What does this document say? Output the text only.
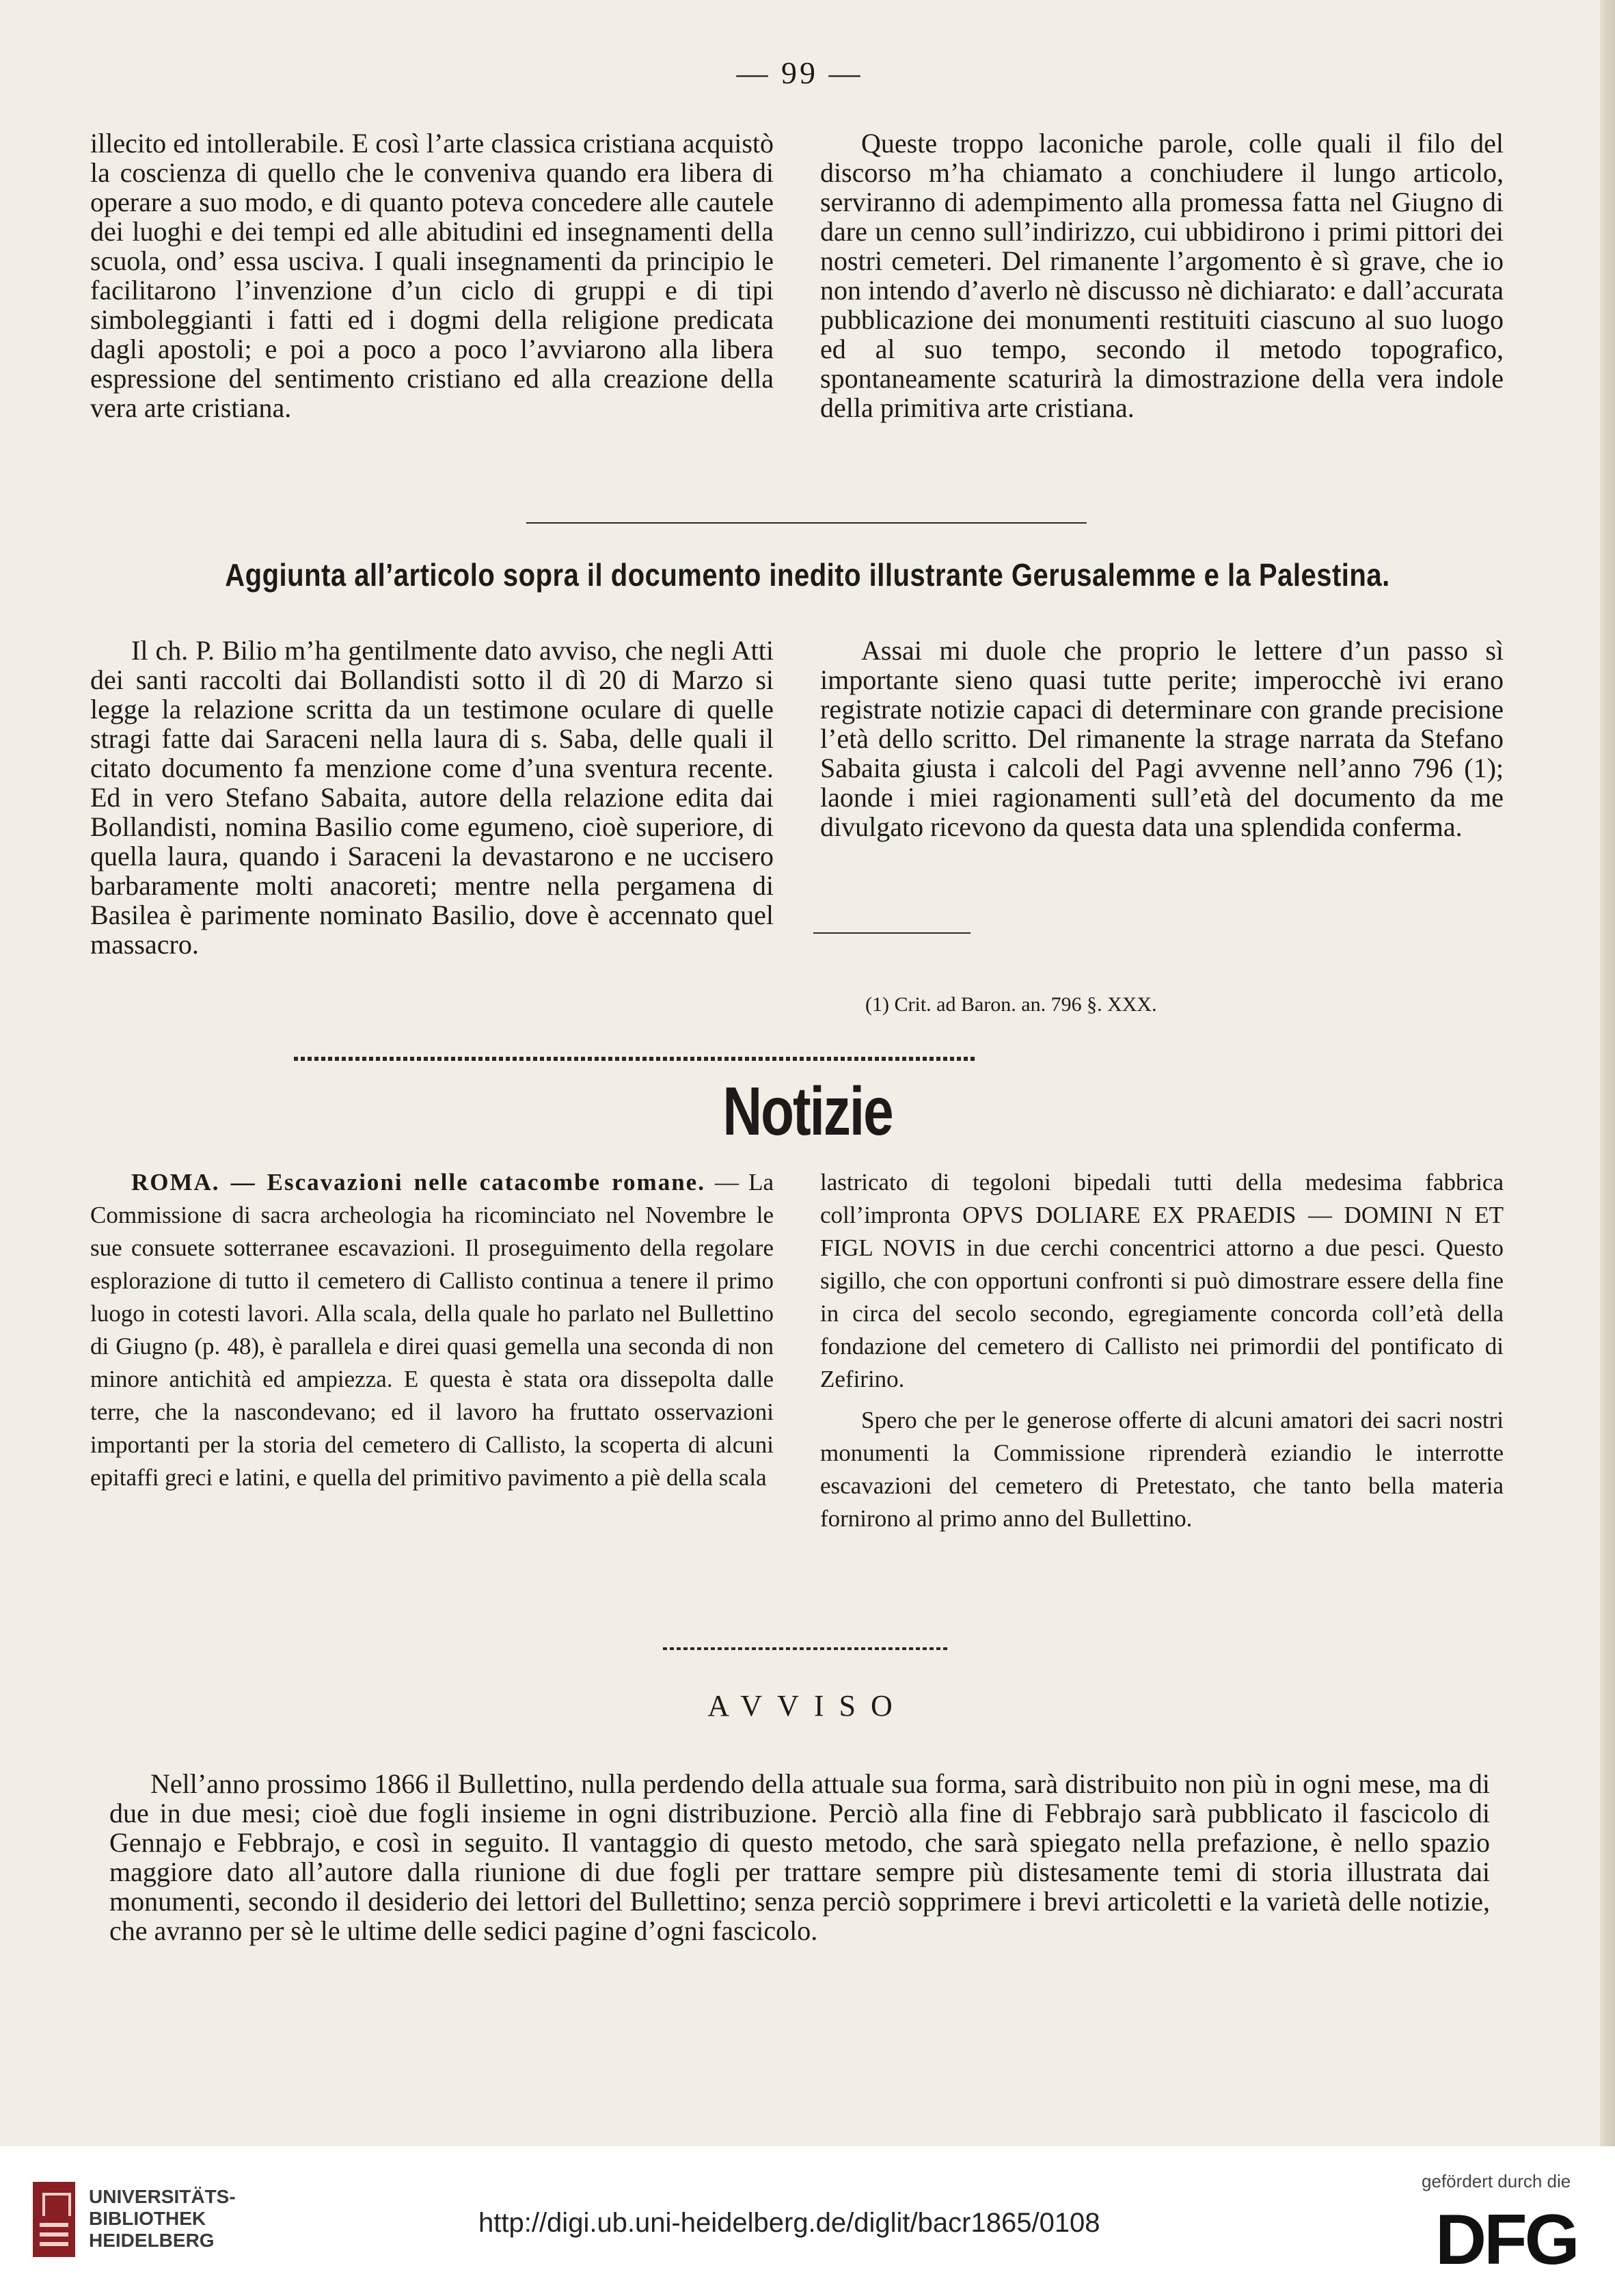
— 99 —

illecito ed intollerabile. E così l’arte classica cristiana acquistò la coscienza di quello che le conveniva quando era libera di operare a suo modo, e di quanto poteva concedere alle cautele dei luoghi e dei tempi ed alle abitudini ed insegnamenti della scuola, ond’ essa usciva. I quali insegnamenti da principio le facilitarono l’invenzione d’un ciclo di gruppi e di tipi simboleggianti i fatti ed i dogmi della religione predicata dagli apostoli; e poi a poco a poco l’avviarono alla libera espressione del sentimento cristiano ed alla creazione della vera arte cristiana.

Queste troppo laconiche parole, colle quali il filo del discorso m’ha chiamato a conchiudere il lungo articolo, serviranno di adempimento alla promessa fatta nel Giugno di dare un cenno sull’indirizzo, cui ubbidirono i primi pittori dei nostri cemeteri. Del rimanente l’argomento è sì grave, che io non intendo d’averlo nè discusso nè dichiarato: e dall’accurata pubblicazione dei monumenti restituiti ciascuno al suo luogo ed al suo tempo, secondo il metodo topografico, spontaneamente scaturirà la dimostrazione della vera indole della primitiva arte cristiana.

Aggiunta all’articolo sopra il documento inedito illustrante Gerusalemme e la Palestina.

Il ch. P. Bilio m’ha gentilmente dato avviso, che negli Atti dei santi raccolti dai Bollandisti sotto il dì 20 di Marzo si legge la relazione scritta da un testimone oculare di quelle stragi fatte dai Saraceni nella laura di s. Saba, delle quali il citato documento fa menzione come d’una sventura recente. Ed in vero Stefano Sabaita, autore della relazione edita dai Bollandisti, nomina Basilio come egumeno, cioè superiore, di quella laura, quando i Saraceni la devastarono e ne uccisero barbaramente molti anacoreti; mentre nella pergamena di Basilea è parimente nominato Basilio, dove è accennato quel massacro.

Assai mi duole che proprio le lettere d’un passo sì importante sieno quasi tutte perite; imperocchè ivi erano registrate notizie capaci di determinare con grande precisione l’età dello scritto. Del rimanente la strage narrata da Stefano Sabaita giusta i calcoli del Pagi avvenne nell’anno 796 (1); laonde i miei ragionamenti sull’età del documento da me divulgato ricevono da questa data una splendida conferma.

(1) Crit. ad Baron. an. 796 §. XXX.

Notizie

ROMA. — Escavazioni nelle catacombe romane. — La Commissione di sacra archeologia ha ricominciato nel Novembre le sue consuete sotterranee escavazioni. Il proseguimento della regolare esplorazione di tutto il cemetero di Callisto continua a tenere il primo luogo in cotesti lavori. Alla scala, della quale ho parlato nel Bullettino di Giugno (p. 48), è parallela e direi quasi gemella una seconda di non minore antichità ed ampiezza. E questa è stata ora dissepolta dalle terre, che la nascondevano; ed il lavoro ha fruttato osservazioni importanti per la storia del cemetero di Callisto, la scoperta di alcuni epitaffi greci e latini, e quella del primitivo pavimento a piè della scala

lastricato di tegoloni bipedali tutti della medesima fabbrica coll’impronta OPVS DOLIARE EX PRAEDIS — DOMINI N ET FIGL NOVIS in due cerchi concentrici attorno a due pesci. Questo sigillo, che con opportuni confronti si può dimostrare essere della fine in circa del secolo secondo, egregiamente concorda coll’età della fondazione del cemetero di Callisto nei primordii del pontificato di Zefirino.

Spero che per le generose offerte di alcuni amatori dei sacri nostri monumenti la Commissione riprenderà eziandio le interrotte escavazioni del cemetero di Pretestato, che tanto bella materia fornirono al primo anno del Bullettino.

AVVISO

Nell’anno prossimo 1866 il Bullettino, nulla perdendo della attuale sua forma, sarà distribuito non più in ogni mese, ma di due in due mesi; cioè due fogli insieme in ogni distribuzione. Perciò alla fine di Febbrajo sarà pubblicato il fascicolo di Gennajo e Febbrajo, e così in seguito. Il vantaggio di questo metodo, che sarà spiegato nella prefazione, è nello spazio maggiore dato all’autore dalla riunione di due fogli per trattare sempre più distesamente temi di storia illustrata dai monumenti, secondo il desiderio dei lettori del Bullettino; senza perciò sopprimere i brevi articoletti e la varietà delle notizie, che avranno per sè le ultime delle sedici pagine d’ogni fascicolo.

UNIVERSITÄTS-
BIBLIOTHEK
HEIDELBERG
http://digi.ub.uni-heidelberg.de/diglit/bacr1865/0108
gefördert durch die
DFG
